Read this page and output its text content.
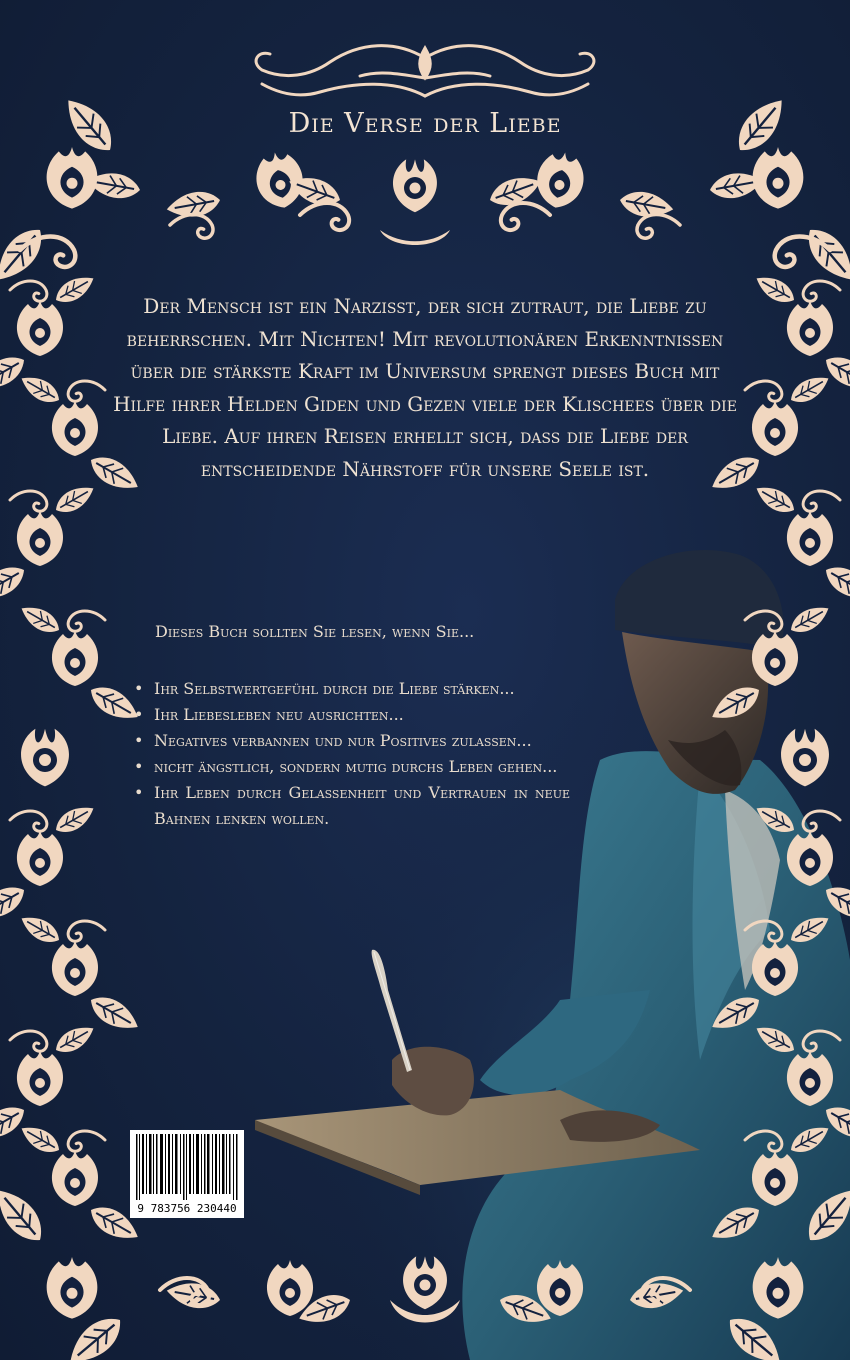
Die Verse der Liebe

Der Mensch ist ein Narzisst, der sich zutraut, die Liebe zu beherrschen. Mit Nichten! Mit revolutionären Erkenntnissen über die stärkste Kraft im Universum sprengt dieses Buch mit Hilfe ihrer Helden Giden und Gezen viele der Klischees über die Liebe. Auf ihren Reisen erhellt sich, dass die Liebe der entscheidende Nährstoff für unsere Seele ist.

Dieses Buch sollten Sie lesen, wenn Sie...
• Ihr Selbstwertgefühl durch die Liebe stärken...
• Ihr Liebesleben neu ausrichten...
• Negatives verbannen und nur Positives zulassen...
• nicht ängstlich, sondern mutig durchs Leben gehen...
• Ihr Leben durch Gelassenheit und Vertrauen in neue Bahnen lenken wollen.
9 783756 230440
